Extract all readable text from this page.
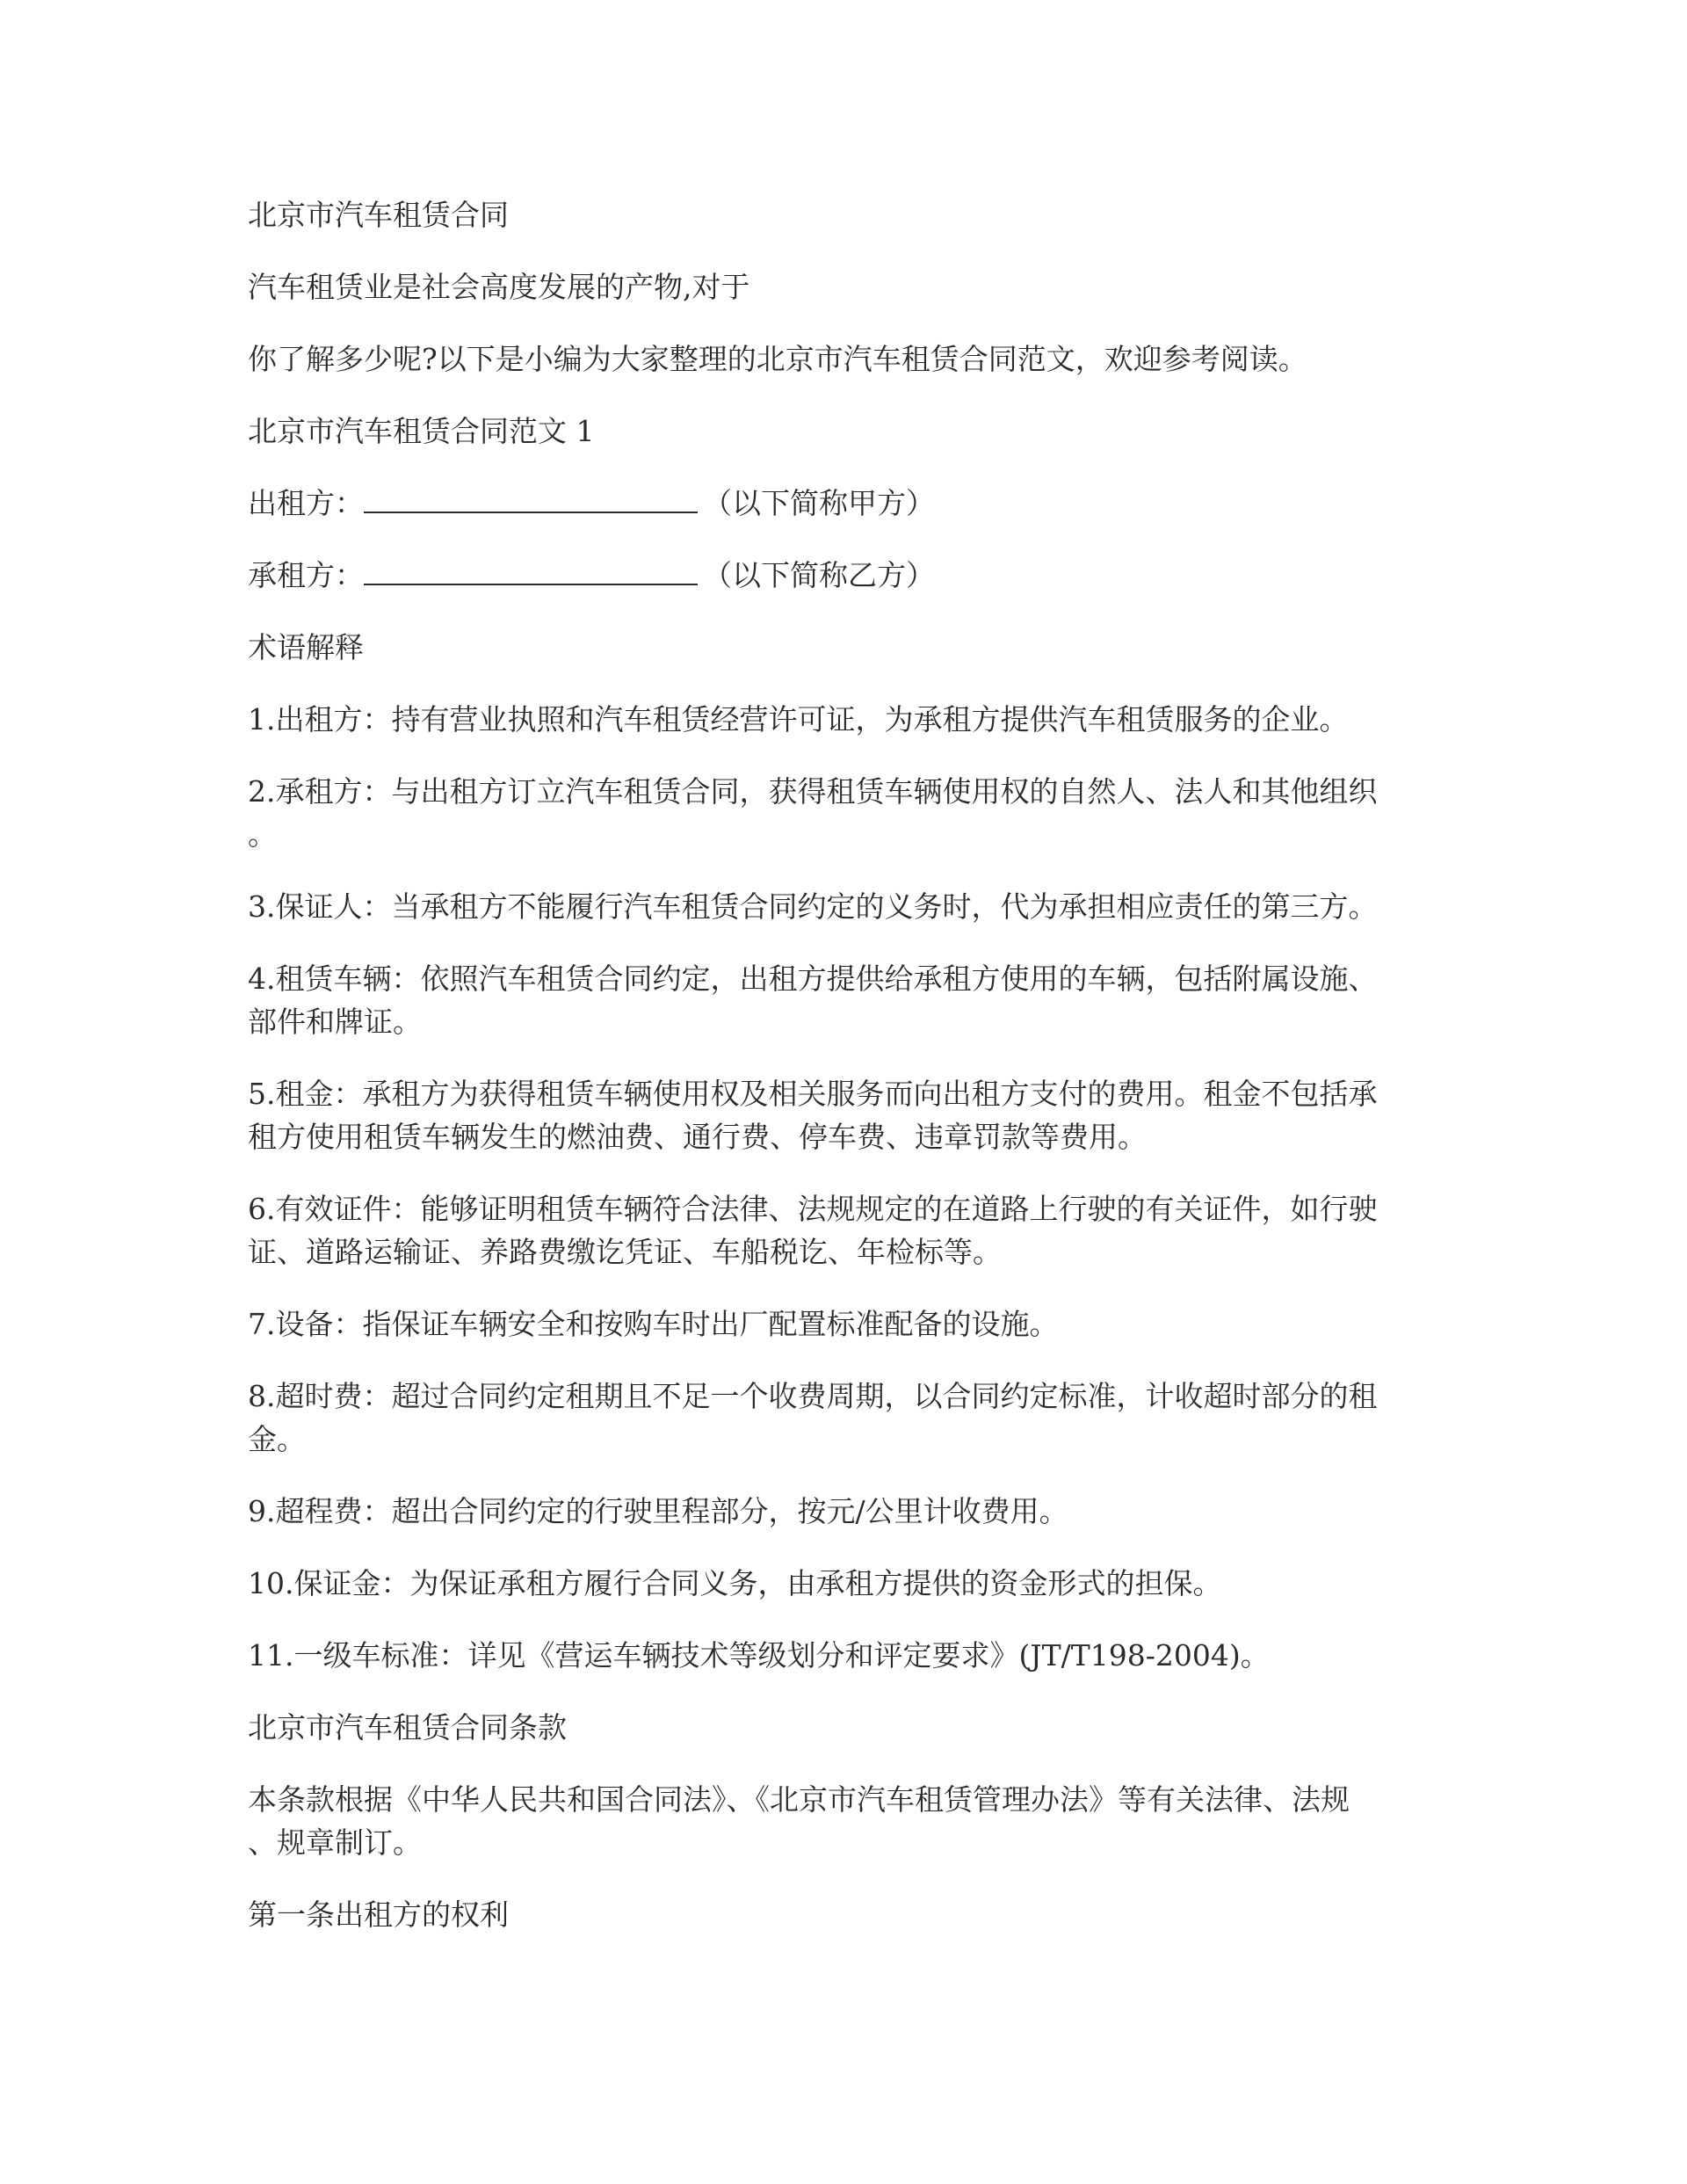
北京市汽车租赁合同

汽车租赁业是社会高度发展的产物,对于

你了解多少呢?以下是小编为大家整理的北京市汽车租赁合同范文，欢迎参考阅读。

北京市汽车租赁合同范文 1

出租方：	（以下简称甲方）

承租方：	（以下简称乙方）

术语解释

1.出租方：持有营业执照和汽车租赁经营许可证，为承租方提供汽车租赁服务的企业。

2.承租方：与出租方订立汽车租赁合同，获得租赁车辆使用权的自然人、法人和其他组织
。

3.保证人：当承租方不能履行汽车租赁合同约定的义务时，代为承担相应责任的第三方。

4.租赁车辆：依照汽车租赁合同约定，出租方提供给承租方使用的车辆，包括附属设施、
部件和牌证。

5.租金：承租方为获得租赁车辆使用权及相关服务而向出租方支付的费用。租金不包括承
租方使用租赁车辆发生的燃油费、通行费、停车费、违章罚款等费用。

6.有效证件：能够证明租赁车辆符合法律、法规规定的在道路上行驶的有关证件，如行驶
证、道路运输证、养路费缴讫凭证、车船税讫、年检标等。

7.设备：指保证车辆安全和按购车时出厂配置标准配备的设施。

8.超时费：超过合同约定租期且不足一个收费周期，以合同约定标准，计收超时部分的租
金。

9.超程费：超出合同约定的行驶里程部分，按元/公里计收费用。

10.保证金：为保证承租方履行合同义务，由承租方提供的资金形式的担保。

11.一级车标准：详见《营运车辆技术等级划分和评定要求》(JT/T198-2004)。

北京市汽车租赁合同条款

本条款根据《中华人民共和国合同法》、《北京市汽车租赁管理办法》等有关法律、法规
、规章制订。

第一条出租方的权利
